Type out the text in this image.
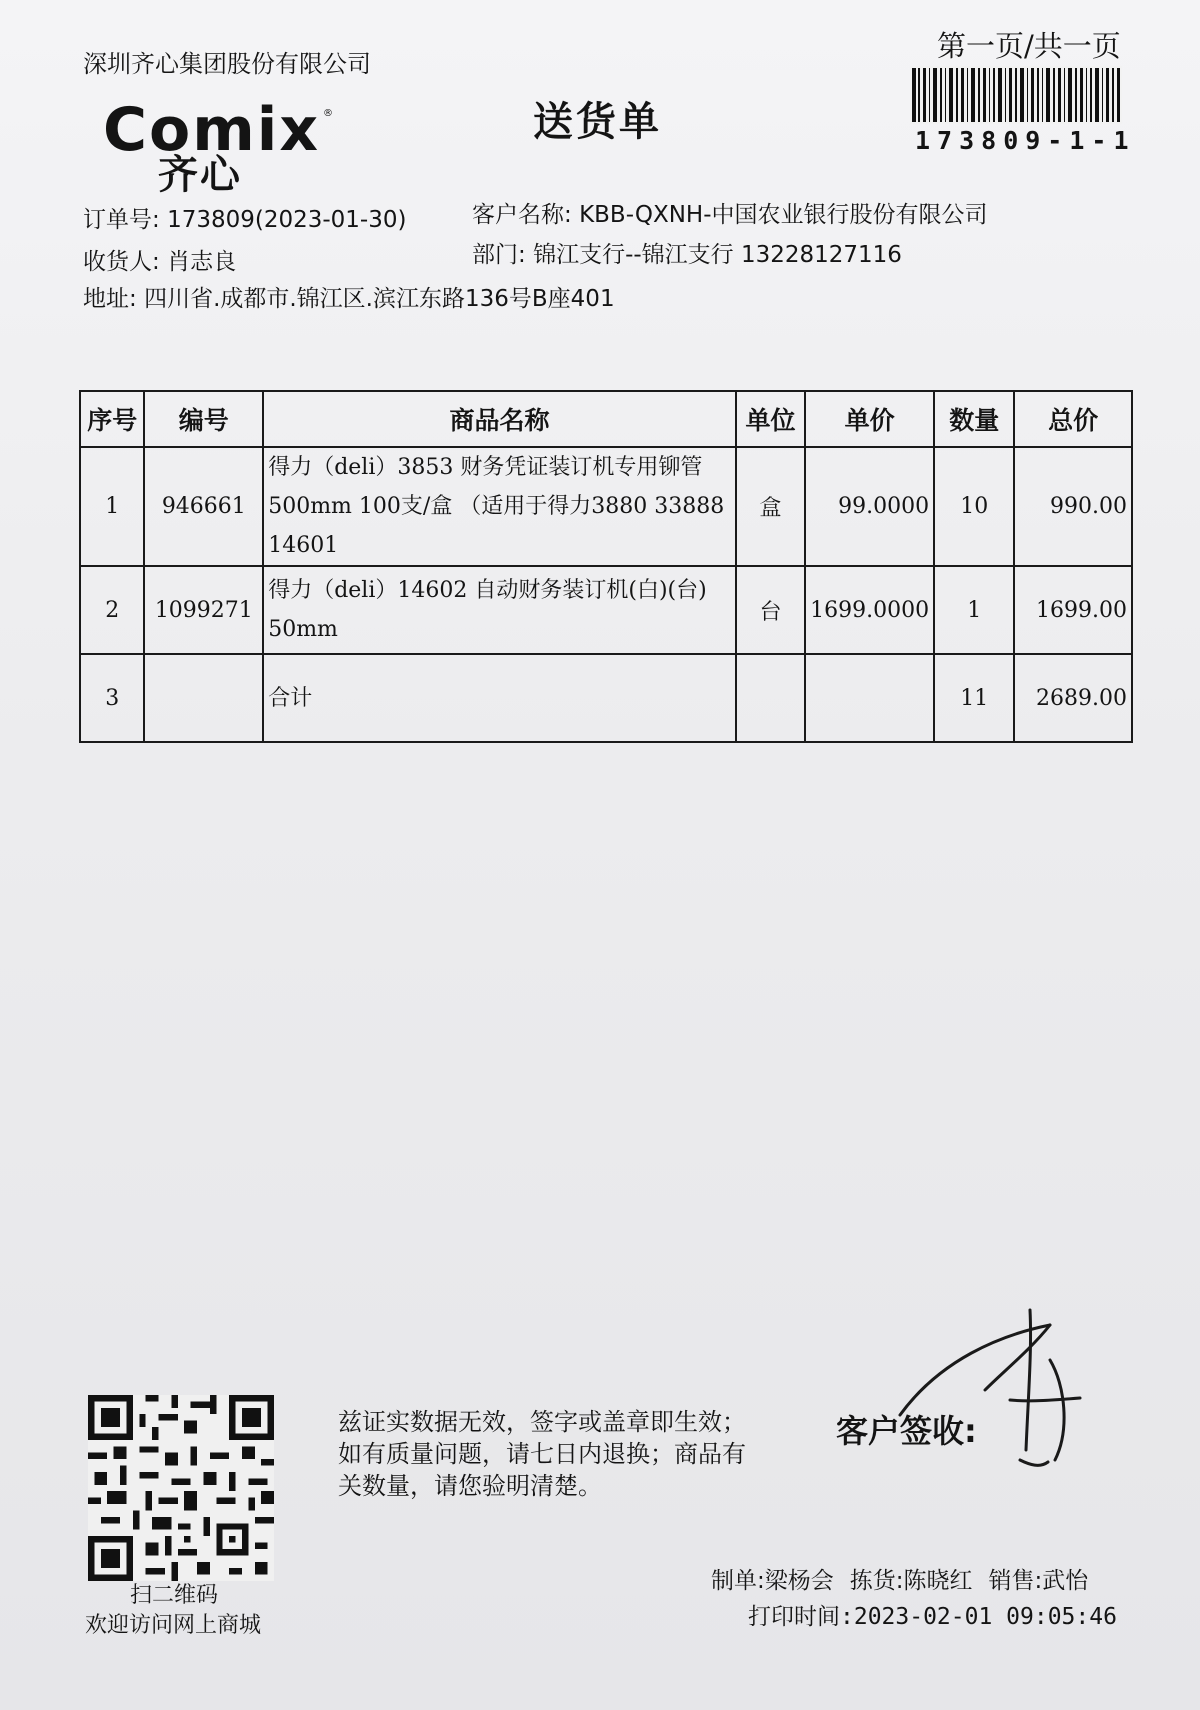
深圳齐心集团股份有限公司
Comix ®
齐心
送货单
第一页/共一页
173809-1-1
订单号: 173809(2023-01-30)	客户名称: KBB-QXNH-中国农业银行股份有限公司
收货人: 肖志良	部门: 锦江支行--锦江支行 13228127116
地址: 四川省.成都市.锦江区.滨江东路136号B座401
序号	编号	商品名称	单位	单价	数量	总价
1	946661	得力（deli）3853 财务凭证装订机专用铆管
500mm 100支/盒 （适用于得力3880 33888
14601	盒	99.0000	10	990.00
2	1099271	得力（deli）14602 自动财务装订机(白)(台)
50mm	台	1699.0000	1	1699.00
3		合计			11	2689.00
扫二维码
欢迎访问网上商城
兹证实数据无效，签字或盖章即生效；如有质量问题，请七日内退换；商品有关数量，请您验明清楚。
客户签收:
制单:梁杨会 拣货:陈晓红 销售:武怡
打印时间:2023-02-01 09:05:46
